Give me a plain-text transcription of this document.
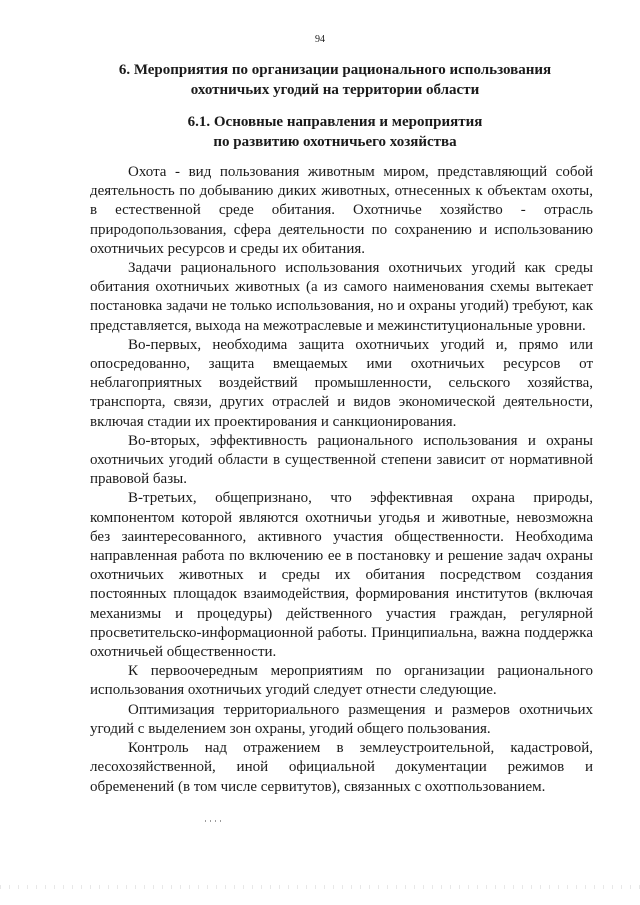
94
6. Мероприятия по организации рационального использования
охотничьих угодий на территории области
6.1. Основные направления и мероприятия
по развитию охотничьего хозяйства

Охота - вид пользования животным миром, представляющий собой деятельность по добыванию диких животных, отнесенных к объектам охоты, в естественной среде обитания. Охотничье хозяйство - отрасль природопользования, сфера деятельности по сохранению и использованию охотничьих ресурсов и среды их обитания.

Задачи рационального использования охотничьих угодий как среды обитания охотничьих животных (а из самого наименования схемы вытекает постановка задачи не только использования, но и охраны угодий) требуют, как представляется, выхода на межотраслевые и межинституциональные уровни.

Во-первых, необходима защита охотничьих угодий и, прямо или опосредованно, защита вмещаемых ими охотничьих ресурсов от неблагоприятных воздействий промышленности, сельского хозяйства, транспорта, связи, других отраслей и видов экономической деятельности, включая стадии их проектирования и санкционирования.

Во-вторых, эффективность рационального использования и охраны охотничьих угодий области в существенной степени зависит от нормативной правовой базы.

В-третьих, общепризнано, что эффективная охрана природы, компонентом которой являются охотничьи угодья и животные, невозможна без заинтересованного, активного участия общественности. Необходима направленная работа по включению ее в постановку и решение задач охраны охотничьих животных и среды их обитания посредством создания постоянных площадок взаимодействия, формирования институтов (включая механизмы и процедуры) действенного участия граждан, регулярной просветительско-информационной работы. Принципиальна, важна поддержка охотничьей общественности.

К первоочередным мероприятиям по организации рационального использования охотничьих угодий следует отнести следующие.

Оптимизация территориального размещения и размеров охотничьих угодий с выделением зон охраны, угодий общего пользования.

Контроль над отражением в землеустроительной, кадастровой, лесохозяйственной, иной официальной документации режимов и обременений (в том числе сервитутов), связанных с охотпользованием.
